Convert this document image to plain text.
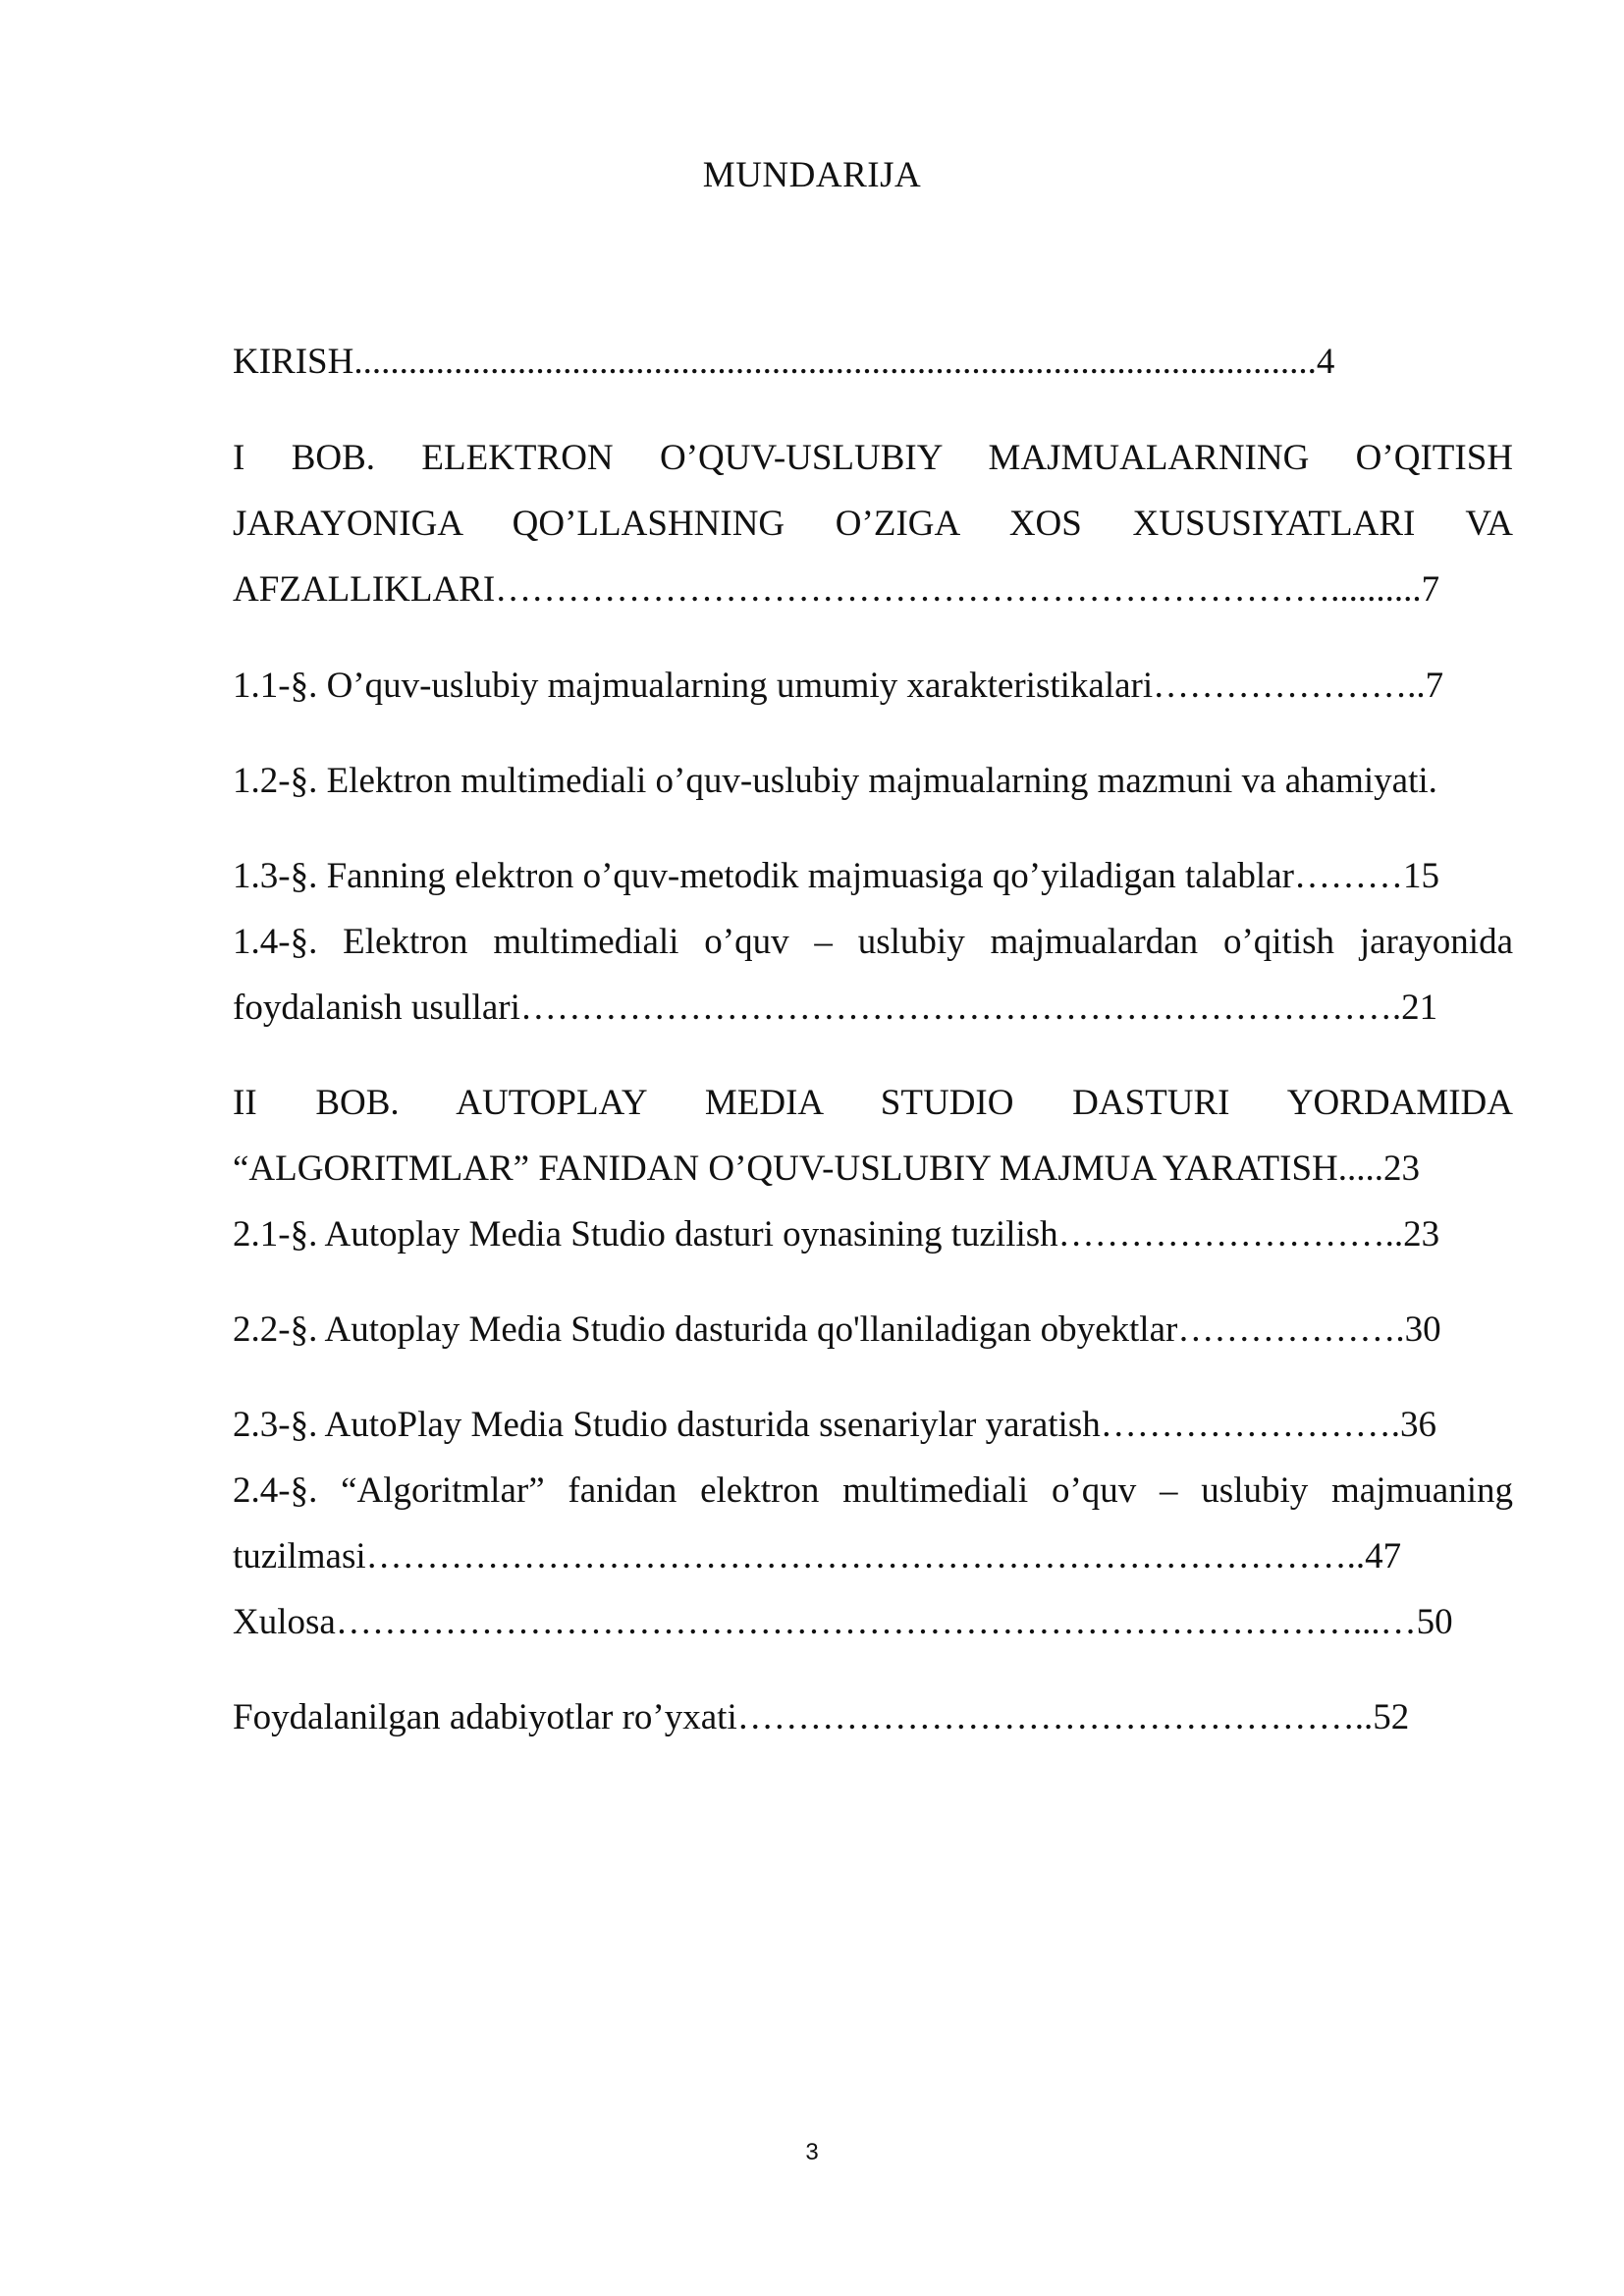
MUNDARIJA
KIRISH..........................................................................................................4
I BOB. ELEKTRON O’QUV-USLUBIY MAJMUALARNING O’QITISH
JARAYONIGA QO’LLASHNING O’ZIGA XOS XUSUSIYATLARI VA
AFZALLIKLARI……………………………………………………………..........7
1.1-§. O’quv-uslubiy majmualarning umumiy xarakteristikalari…………………..7
1.2-§. Elektron multimediali o’quv-uslubiy majmualarning mazmuni va ahamiyati.
1.3-§. Fanning elektron o’quv-metodik majmuasiga qo’yiladigan talablar………15
1.4-§. Elektron multimediali o’quv – uslubiy majmualardan o’qitish jarayonida
foydalanish usullari……………………………………………………………….21
II BOB. AUTOPLAY MEDIA STUDIO DASTURI YORDAMIDA
“ALGORITMLAR” FANIDAN O’QUV-USLUBIY MAJMUA YARATISH.....23
2.1-§. Autoplay Media Studio dasturi oynasining tuzilish………………………..23
2.2-§. Autoplay Media Studio dasturida qo'llaniladigan obyektlar……………….30
2.3-§. AutoPlay Media Studio dasturida ssenariylar yaratish…………………….36
2.4-§. “Algoritmlar” fanidan elektron multimediali o’quv – uslubiy majmuaning
tuzilmasi………………………………………………………………………..47
Xulosa…………………………………………………………………………...…50
Foydalanilgan adabiyotlar ro’yxati……………………………………………..52
3
